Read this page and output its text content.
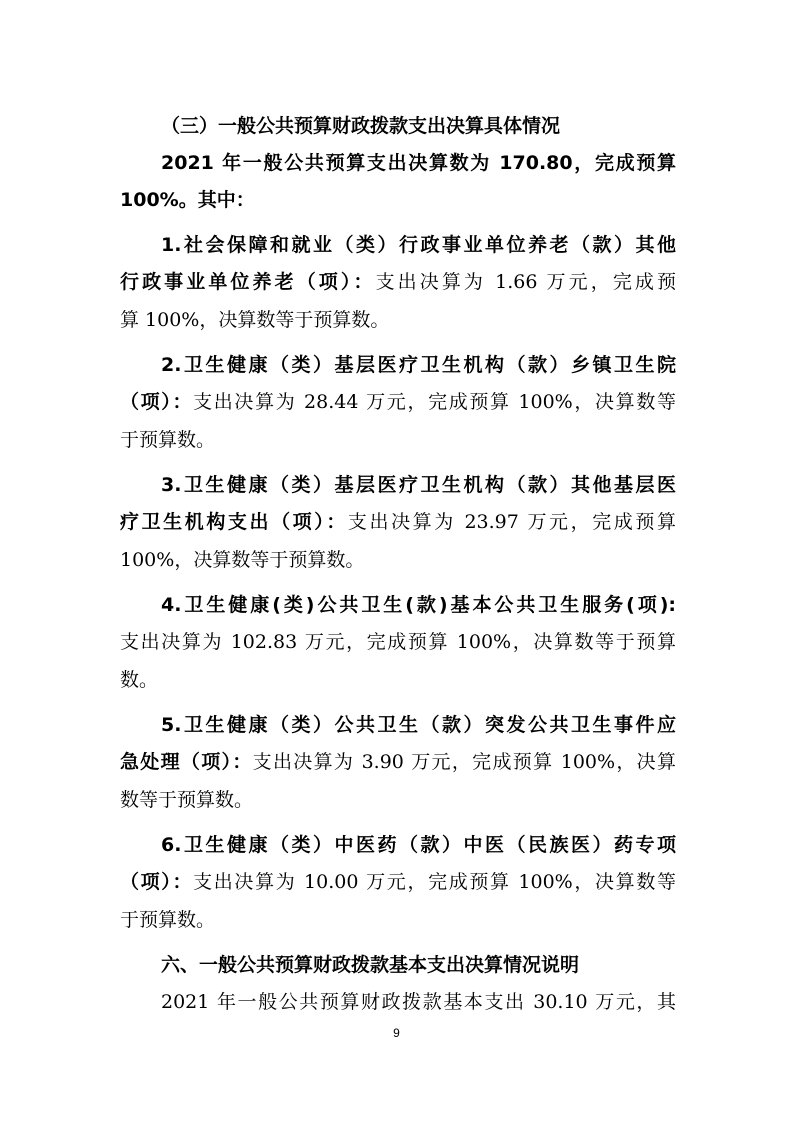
（三）一般公共预算财政拨款支出决算具体情况
2021 年一般公共预算支出决算数为 170.80，完成预算
100%。其中：
1.社会保障和就业（类）行政事业单位养老（款）其他
行政事业单位养老（项）：支出决算为 1.66 万元，完成预
算 100%，决算数等于预算数。
2.卫生健康（类）基层医疗卫生机构（款）乡镇卫生院
（项）：支出决算为 28.44 万元，完成预算 100%，决算数等
于预算数。
3.卫生健康（类）基层医疗卫生机构（款）其他基层医
疗卫生机构支出（项）：支出决算为 23.97 万元，完成预算
100%，决算数等于预算数。
4.卫生健康(类)公共卫生(款)基本公共卫生服务(项):
支出决算为 102.83 万元，完成预算 100%，决算数等于预算
数。
5.卫生健康（类）公共卫生（款）突发公共卫生事件应
急处理（项）：支出决算为 3.90 万元，完成预算 100%，决算
数等于预算数。
6.卫生健康（类）中医药（款）中医（民族医）药专项
（项）：支出决算为 10.00 万元，完成预算 100%，决算数等
于预算数。
六、一般公共预算财政拨款基本支出决算情况说明
2021 年一般公共预算财政拨款基本支出 30.10 万元，其
9
